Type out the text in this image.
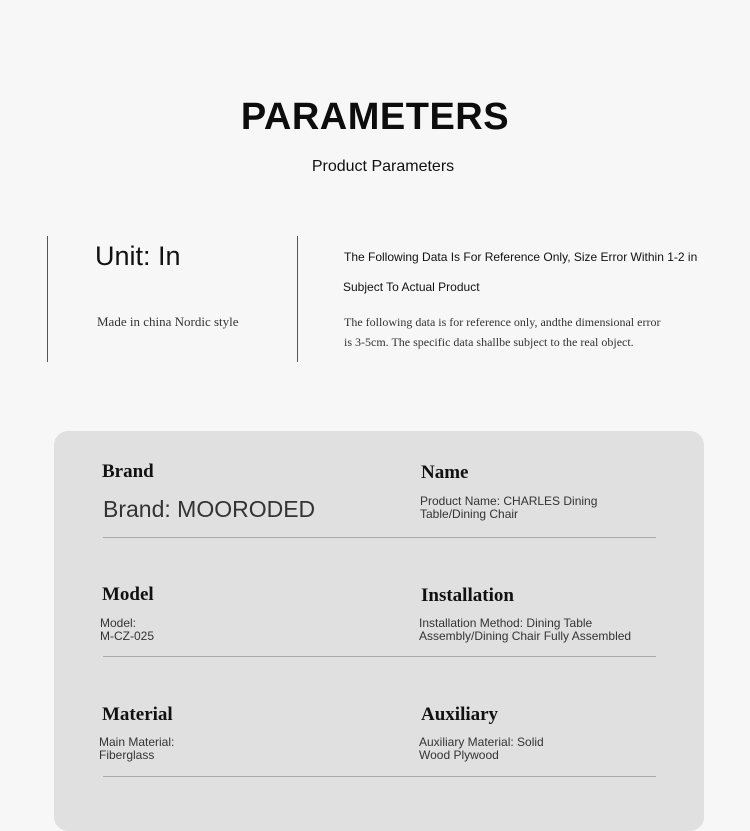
PARAMETERS
Product Parameters
Unit: In
Made in china Nordic style
The Following Data Is For Reference Only, Size Error Within 1-2 in
Subject To Actual Product
The following data is for reference only, andthe dimensional error
is 3-5cm. The specific data shallbe subject to the real object.
Brand
Brand: MOORODED
Name
Product Name: CHARLES Dining
Table/Dining Chair
Model
Model:
M-CZ-025
Installation
Installation Method: Dining Table
Assembly/Dining Chair Fully Assembled
Material
Main Material:
Fiberglass
Auxiliary
Auxiliary Material: Solid
Wood Plywood
